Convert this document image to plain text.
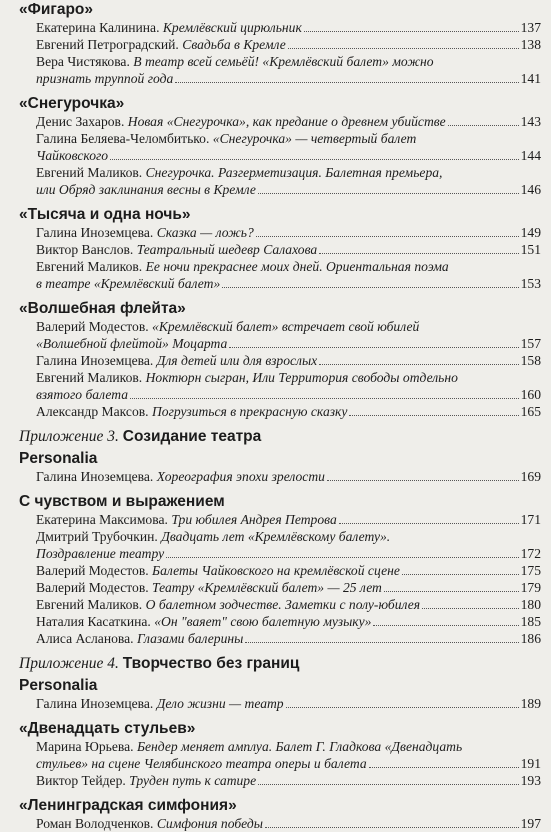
«Фигаро»
Екатерина Калинина. Кремлёвский цирюльник	137
Евгений Петроградский. Свадьба в Кремле	138
Вера Чистякова. В театр всей семьёй! «Кремлёвский балет» можно
признать труппой года	141
«Снегурочка»
Денис Захаров. Новая «Снегурочка», как предание о древнем убийстве	143
Галина Беляева-Челомбитько. «Снегурочка» — четвертый балет
Чайковского	144
Евгений Маликов. Снегурочка. Разгерметизация. Балетная премьера,
или Обряд заклинания весны в Кремле	146
«Тысяча и одна ночь»
Галина Иноземцева. Сказка — ложь?	149
Виктор Ванслов. Театральный шедевр Салахова	151
Евгений Маликов. Ее ночи прекраснее моих дней. Ориентальная поэма
в театре «Кремлёвский балет»	153
«Волшебная флейта»
Валерий Модестов. «Кремлёвский балет» встречает свой юбилей
«Волшебной флейтой» Моцарта	157
Галина Иноземцева. Для детей или для взрослых	158
Евгений Маликов. Ноктюрн сыгран, Или Территория свободы отдельно
взятого балета	160
Александр Максов. Погрузиться в прекрасную сказку	165
Приложение 3. Созидание театра
Personalia
Галина Иноземцева. Хореография эпохи зрелости	169
С чувством и выражением
Екатерина Максимова. Три юбилея Андрея Петрова	171
Дмитрий Трубочкин. Двадцать лет «Кремлёвскому балету».
Поздравление театру	172
Валерий Модестов. Балеты Чайковского на кремлёвской сцене	175
Валерий Модестов. Театру «Кремлёвский балет» — 25 лет	179
Евгений Маликов. О балетном зодчестве. Заметки с полу-юбилея	180
Наталия Касаткина. «Он "ваяет" свою балетную музыку»	185
Алиса Асланова. Глазами балерины	186
Приложение 4. Творчество без границ
Personalia
Галина Иноземцева. Дело жизни — театр	189
«Двенадцать стульев»
Марина Юрьева. Бендер меняет амплуа. Балет Г. Гладкова «Двенадцать
стульев» на сцене Челябинского театра оперы и балета	191
Виктор Тейдер. Труден путь к сатире	193
«Ленинградская симфония»
Роман Володченков. Симфония победы	197
